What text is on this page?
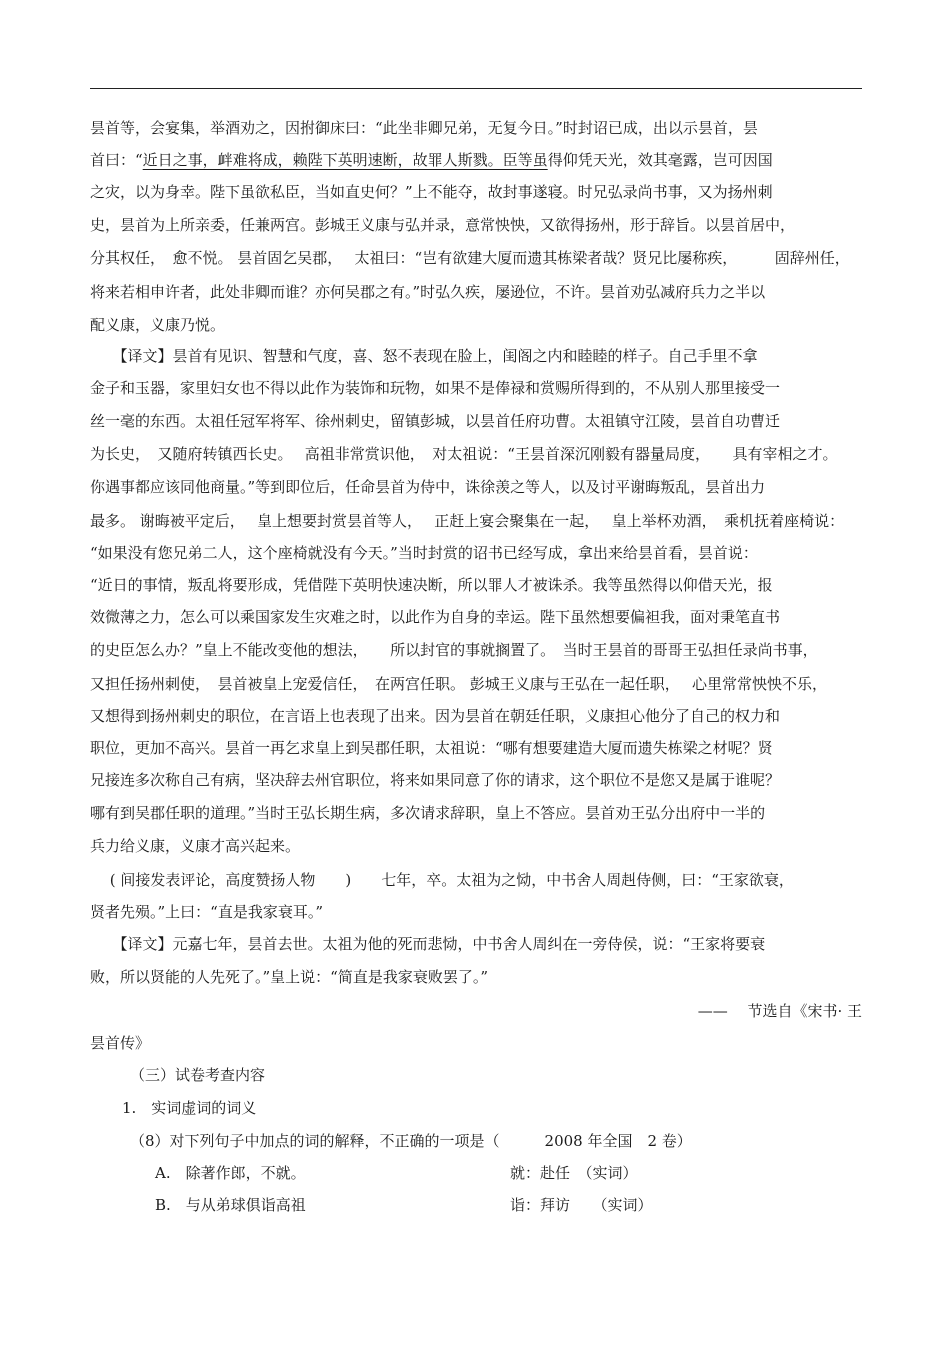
昙首等，会宴集，举酒劝之，因拊御床曰：“此坐非卿兄弟，无复今日。”时封诏已成，出以示昙首，昙
首曰：“近日之事，衅难将成，赖陛下英明速断，故罪人斯戮。臣等虽得仰凭天光，效其毫露，岂可因国
之灾，以为身幸。陛下虽欲私臣，当如直史何？”上不能夺，故封事遂寝。时兄弘录尚书事，又为扬州刺
史，昙首为上所亲委，任兼两宫。彭城王义康与弘并录，意常怏怏，又欲得扬州，形于辞旨。以昙首居中，
分其权任，　愈不悦。 昙首固乞吴郡，　 太祖曰：“岂有欲建大厦而遗其栋梁者哉？贤兄比屡称疾，　　　固辞州任，
将来若相申许者，此处非卿而谁？亦何吴郡之有。”时弘久疾，屡逊位，不许。昙首劝弘减府兵力之半以
配义康，义康乃悦。
　　【译文】昙首有见识、智慧和气度，喜、怒不表现在脸上，闺阁之内和睦睦的样子。自己手里不拿
金子和玉器，家里妇女也不得以此作为装饰和玩物，如果不是俸禄和赏赐所得到的，不从别人那里接受一
丝一毫的东西。太祖任冠军将军、徐州刺史，留镇彭城，以昙首任府功曹。太祖镇守江陵，昙首自功曹迁
为长史，　又随府转镇西长史。　 高祖非常赏识他，　对太祖说：“王昙首深沉刚毅有器量局度，　　具有宰相之才。
你遇事都应该同他商量。”等到即位后，任命昙首为侍中，诛徐羡之等人，以及讨平谢晦叛乱，昙首出力
最多。 谢晦被平定后，　 皇上想要封赏昙首等人，　 正赶上宴会聚集在一起，　 皇上举杯劝酒，　乘机抚着座椅说：
“如果没有您兄弟二人，这个座椅就没有今天。”当时封赏的诏书已经写成，拿出来给昙首看，昙首说：
“近日的事情，叛乱将要形成，凭借陛下英明快速决断，所以罪人才被诛杀。我等虽然得以仰借天光，报
效微薄之力，怎么可以乘国家发生灾难之时，以此作为自身的幸运。陛下虽然想要偏袒我，面对秉笔直书
的史臣怎么办？”皇上不能改变他的想法，　　所以封官的事就搁置了。　当时王昙首的哥哥王弘担任录尚书事，
又担任扬州刺使，　昙首被皇上宠爱信任，　在两宫任职。 彭城王义康与王弘在一起任职，　 心里常常怏怏不乐，
又想得到扬州刺史的职位，在言语上也表现了出来。因为昙首在朝廷任职，义康担心他分了自己的权力和
职位，更加不高兴。昙首一再乞求皇上到吴郡任职，太祖说：“哪有想要建造大厦而遗失栋梁之材呢？贤
兄接连多次称自己有病，坚决辞去州官职位，将来如果同意了你的请求，这个职位不是您又是属于谁呢？
哪有到吴郡任职的道理。”当时王弘长期生病，多次请求辞职，皇上不答应。昙首劝王弘分出府中一半的
兵力给义康，义康才高兴起来。
　 ( 间接发表评论，高度赞扬人物　　)　　七年，卒。太祖为之恸，中书舍人周赳侍侧，曰：“王家欲衰，
贤者先殒。”上曰：“直是我家衰耳。”
　　【译文】元嘉七年，昙首去世。太祖为他的死而悲恸，中书舍人周纠在一旁侍侯，说：“王家将要衰
败，所以贤能的人先死了。”皇上说：“简直是我家衰败罢了。”
—— 　节选自《宋书· 王
昙首传》
（三）试卷考查内容
1.　实词虚词的词义
（8）对下列句子中加点的词的解释，不正确的一项是（　　　2008 年全国　2 卷）
A.　除著作郎，不就。	就：赴任　（实词）
B.　与从弟球俱诣高祖	诣：拜访　　（实词）
